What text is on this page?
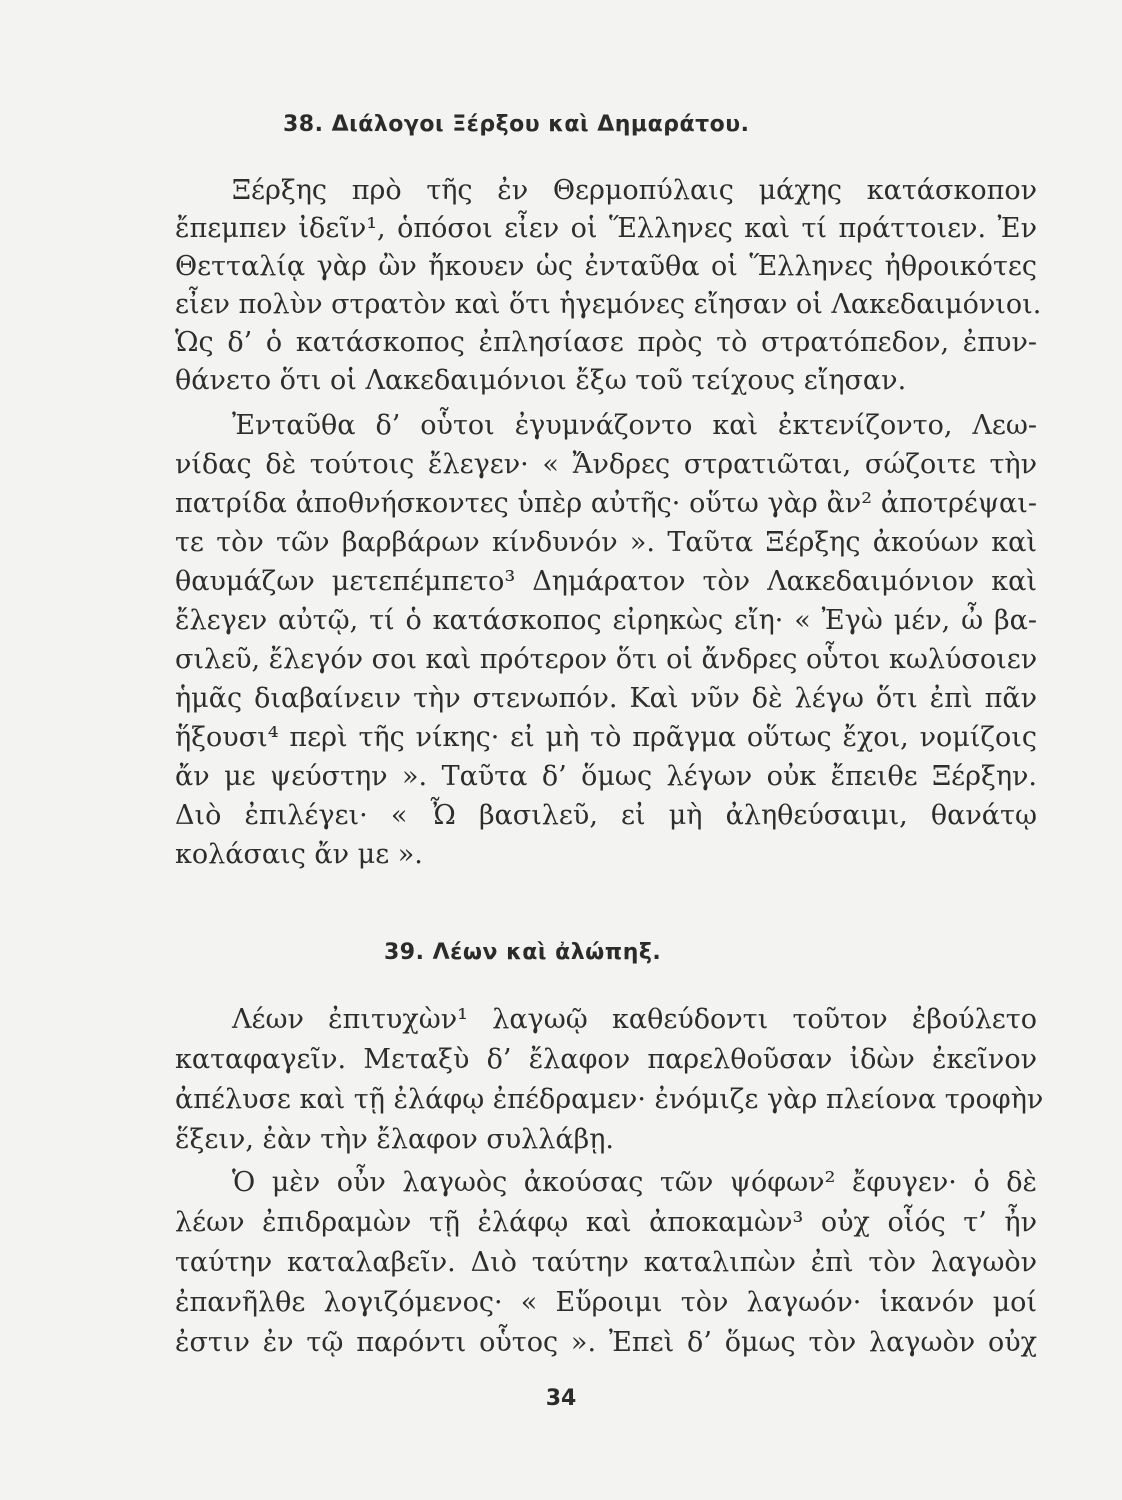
38. Διάλογοι Ξέρξου καὶ Δημαράτου.
Ξέρξης πρὸ τῆς ἐν Θερμοπύλαις μάχης κατάσκοπον
ἔπεμπεν ἰδεῖν¹, ὁπόσοι εἶεν οἱ Ἕλληνες καὶ τί πράττοιεν. Ἐν
Θετταλίᾳ γὰρ ὢν ἤκουεν ὡς ἐνταῦθα οἱ Ἕλληνες ἠθροικότες
εἶεν πολὺν στρατὸν καὶ ὅτι ἡγεμόνες εἴησαν οἱ Λακεδαιμόνιοι.
Ὡς δ’ ὁ κατάσκοπος ἐπλησίασε πρὸς τὸ στρατόπεδον, ἐπυν-
θάνετο ὅτι οἱ Λακεδαιμόνιοι ἔξω τοῦ τείχους εἴησαν.
Ἐνταῦθα δ’ οὗτοι ἐγυμνάζοντο καὶ ἐκτενίζοντο, Λεω-
νίδας δὲ τούτοις ἔλεγεν· « Ἄνδρες στρατιῶται, σώζοιτε τὴν
πατρίδα ἀποθνήσκοντες ὑπὲρ αὐτῆς· οὕτω γὰρ ἂν² ἀποτρέψαι-
τε τὸν τῶν βαρβάρων κίνδυνόν ». Ταῦτα Ξέρξης ἀκούων καὶ
θαυμάζων μετεπέμπετο³ Δημάρατον τὸν Λακεδαιμόνιον καὶ
ἔλεγεν αὐτῷ, τί ὁ κατάσκοπος εἰρηκὼς εἴη· « Ἐγὼ μέν, ὦ βα-
σιλεῦ, ἔλεγόν σοι καὶ πρότερον ὅτι οἱ ἄνδρες οὗτοι κωλύσοιεν
ἡμᾶς διαβαίνειν τὴν στενωπόν. Καὶ νῦν δὲ λέγω ὅτι ἐπὶ πᾶν
ἥξουσι⁴ περὶ τῆς νίκης· εἰ μὴ τὸ πρᾶγμα οὕτως ἔχοι, νομίζοις
ἄν με ψεύστην ». Ταῦτα δ’ ὅμως λέγων οὐκ ἔπειθε Ξέρξην.
Διὸ ἐπιλέγει· « Ὦ βασιλεῦ, εἰ μὴ ἀληθεύσαιμι, θανάτῳ
κολάσαις ἄν με ».
39. Λέων καὶ ἀλώπηξ.
Λέων ἐπιτυχὼν¹ λαγωῷ καθεύδοντι τοῦτον ἐβούλετο
καταφαγεῖν. Μεταξὺ δ’ ἔλαφον παρελθοῦσαν ἰδὼν ἐκεῖνον
ἀπέλυσε καὶ τῇ ἐλάφῳ ἐπέδραμεν· ἐνόμιζε γὰρ πλείονα τροφὴν
ἕξειν, ἐὰν τὴν ἔλαφον συλλάβῃ.
Ὁ μὲν οὖν λαγωὸς ἀκούσας τῶν ψόφων² ἔφυγεν· ὁ δὲ
λέων ἐπιδραμὼν τῇ ἐλάφῳ καὶ ἀποκαμὼν³ οὐχ οἷός τ’ ἦν
ταύτην καταλαβεῖν. Διὸ ταύτην καταλιπὼν ἐπὶ τὸν λαγωὸν
ἐπανῆλθε λογιζόμενος· « Εὕροιμι τὸν λαγωόν· ἱκανόν μοί
ἐστιν ἐν τῷ παρόντι οὗτος ». Ἐπεὶ δ’ ὅμως τὸν λαγωὸν οὐχ
34
